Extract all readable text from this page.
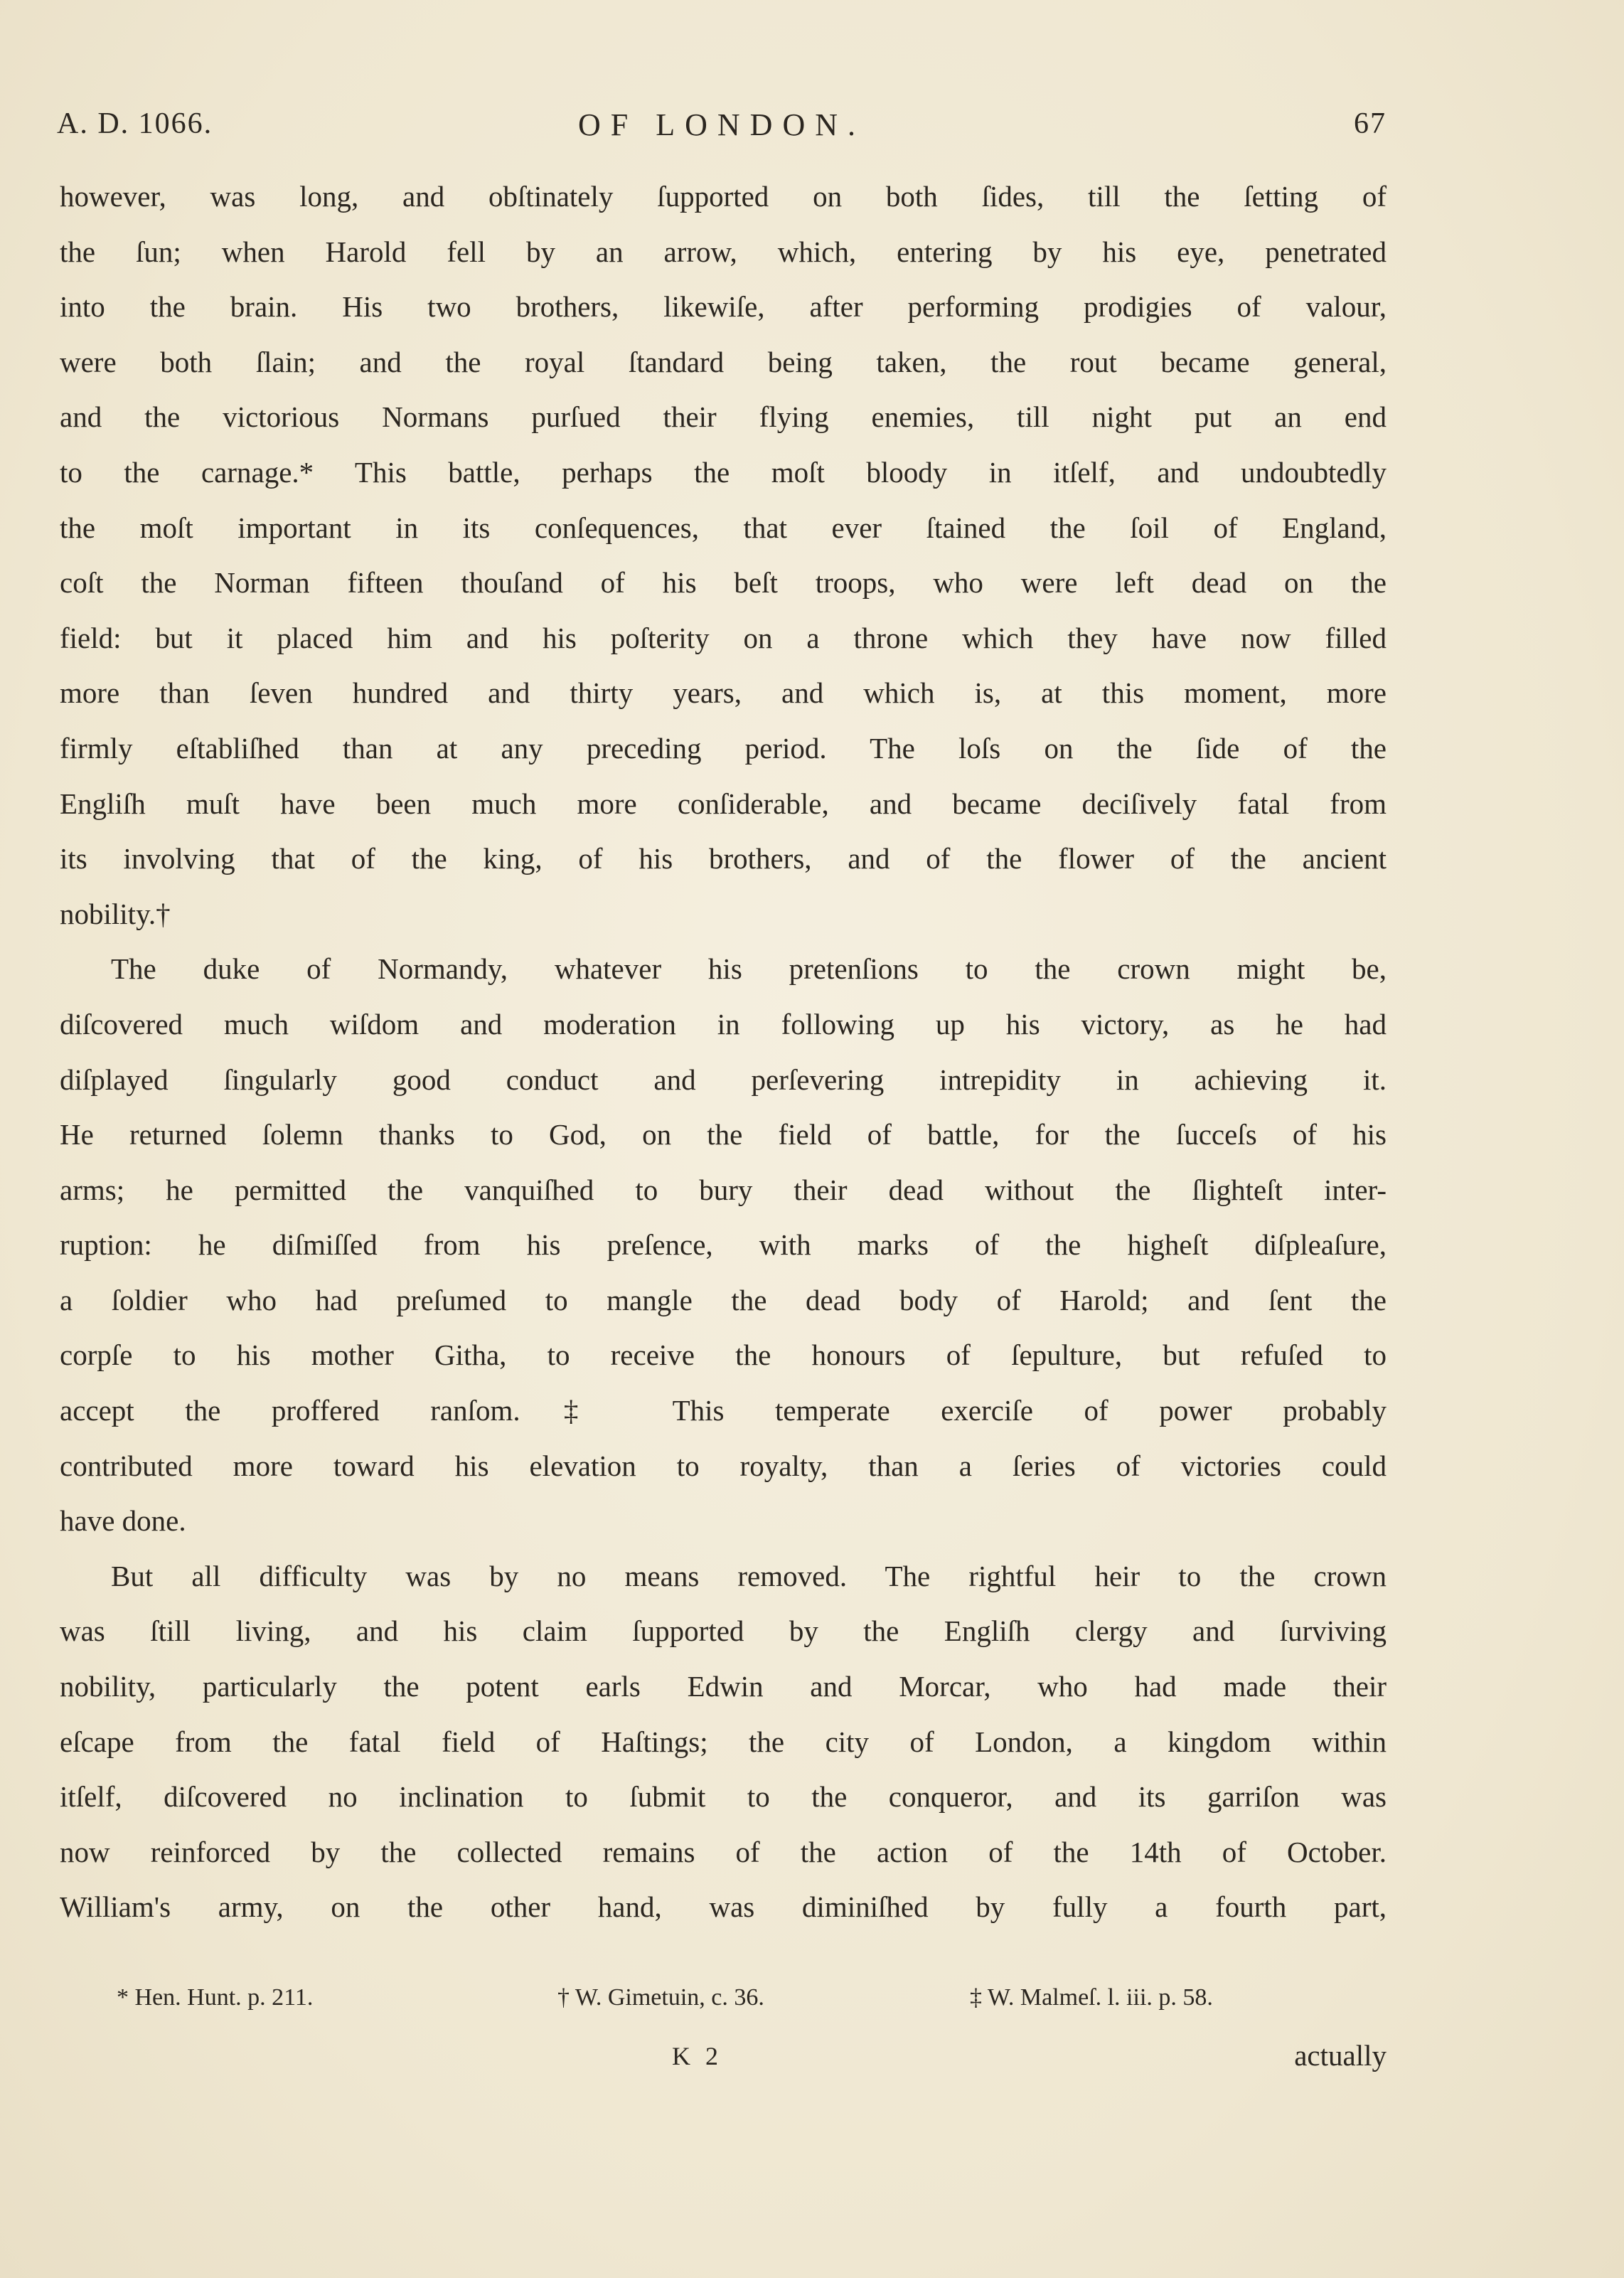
A. D. 1066.	OF LONDON.	67
however, was long, and obſtinately ſupported on both ſides, till the ſetting of
the ſun; when Harold fell by an arrow, which, entering by his eye, penetrated
into the brain. His two brothers, likewiſe, after performing prodigies of valour,
were both ſlain; and the royal ſtandard being taken, the rout became general,
and the victorious Normans purſued their flying enemies, till night put an end
to the carnage.* This battle, perhaps the moſt bloody in itſelf, and undoubtedly
the moſt important in its conſequences, that ever ſtained the ſoil of England,
coſt the Norman fifteen thouſand of his beſt troops, who were left dead on the
field: but it placed him and his poſterity on a throne which they have now filled
more than ſeven hundred and thirty years, and which is, at this moment, more
firmly eſtabliſhed than at any preceding period. The loſs on the ſide of the
Engliſh muſt have been much more conſiderable, and became deciſively fatal from
its involving that of the king, of his brothers, and of the flower of the ancient
nobility.†
The duke of Normandy, whatever his pretenſions to the crown might be,
diſcovered much wiſdom and moderation in following up his victory, as he had
diſplayed ſingularly good conduct and perſevering intrepidity in achieving it.
He returned ſolemn thanks to God, on the field of battle, for the ſucceſs of his
arms; he permitted the vanquiſhed to bury their dead without the ſlighteſt inter-
ruption: he diſmiſſed from his preſence, with marks of the higheſt diſpleaſure,
a ſoldier who had preſumed to mangle the dead body of Harold; and ſent the
corpſe to his mother Githa, to receive the honours of ſepulture, but refuſed to
accept the proffered ranſom.‡ This temperate exerciſe of power probably
contributed more toward his elevation to royalty, than a ſeries of victories could
have done.
But all difficulty was by no means removed. The rightful heir to the crown
was ſtill living, and his claim ſupported by the Engliſh clergy and ſurviving
nobility, particularly the potent earls Edwin and Morcar, who had made their
eſcape from the fatal field of Haſtings; the city of London, a kingdom within
itſelf, diſcovered no inclination to ſubmit to the conqueror, and its garriſon was
now reinforced by the collected remains of the action of the 14th of October.
William's army, on the other hand, was diminiſhed by fully a fourth part,
* Hen. Hunt. p. 211.	† W. Gimetuin, c. 36.	‡ W. Malmeſ. l. iii. p. 58.
K 2	actually
